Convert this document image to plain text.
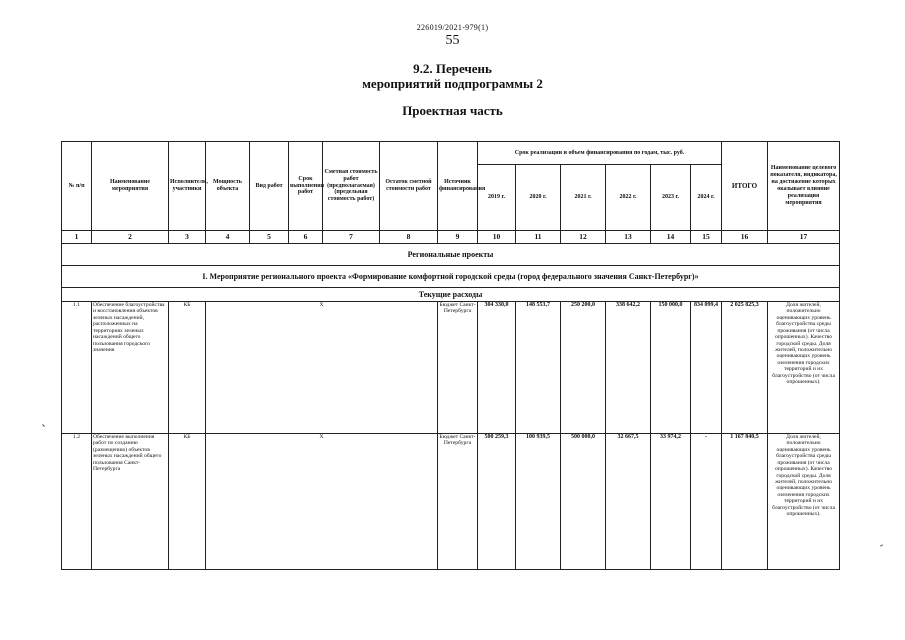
226019/2021-979(1)
55
9.2. Перечень
мероприятий подпрограммы 2
Проектная часть
№ п/п	Наименование мероприятия	Исполнители, участники	Мощность объекта	Вид работ	Срок выполнения работ	Сметная стоимость работ (предполагаемая) (предельная стоимость работ)	Остаток сметной стоимости работ	Источник финансирования	Срок реализации и объем финансирования по годам, тыс. руб.						ИТОГО	Наименование целевого показателя, индикатора, на достижение которых оказывает влияние реализация мероприятия
									2019 г.	2020 г.	2021 г.	2022 г.	2023 г.	2024 г.		
1	2	3	4	5	6	7	8	9	10	11	12	13	14	15	16	17
Региональные проекты																
I. Мероприятие регионального проекта «Формирование комфортной городской среды (город федерального значения Санкт-Петербург)»																
Текущие расходы																
1.1	Обеспечение благоустройства и восстановления объектов зеленых насаждений, расположенных на территориях зеленых насаждений общего пользования городского значения	КБ	Х					Бюджет Санкт-Петербурга	304 330,0	148 553,7	250 200,0	338 642,2	150 000,0	834 099,4	2 025 825,3	Доля жителей, положительно оценивающих уровень благоустройства среды проживания (от числа опрошенных). Качество городской среды. Доля жителей, положительно оценивающих уровень озеленения городских территорий и их благоустройство (от числа опрошенных).
1.2	Обеспечение выполнения работ по созданию (размещению) объектов зеленых насаждений общего пользования Санкт-Петербурга	КБ	Х					Бюджет Санкт-Петербурга	500 259,3	100 939,5	500 000,0	32 667,5	33 974,2	-	1 167 840,5	Доля жителей, положительно оценивающих уровень благоустройства среды проживания (от числа опрошенных). Качество городской среды. Доля жителей, положительно оценивающих уровень озеленения городских территорий и их благоустройство (от числа опрошенных).
